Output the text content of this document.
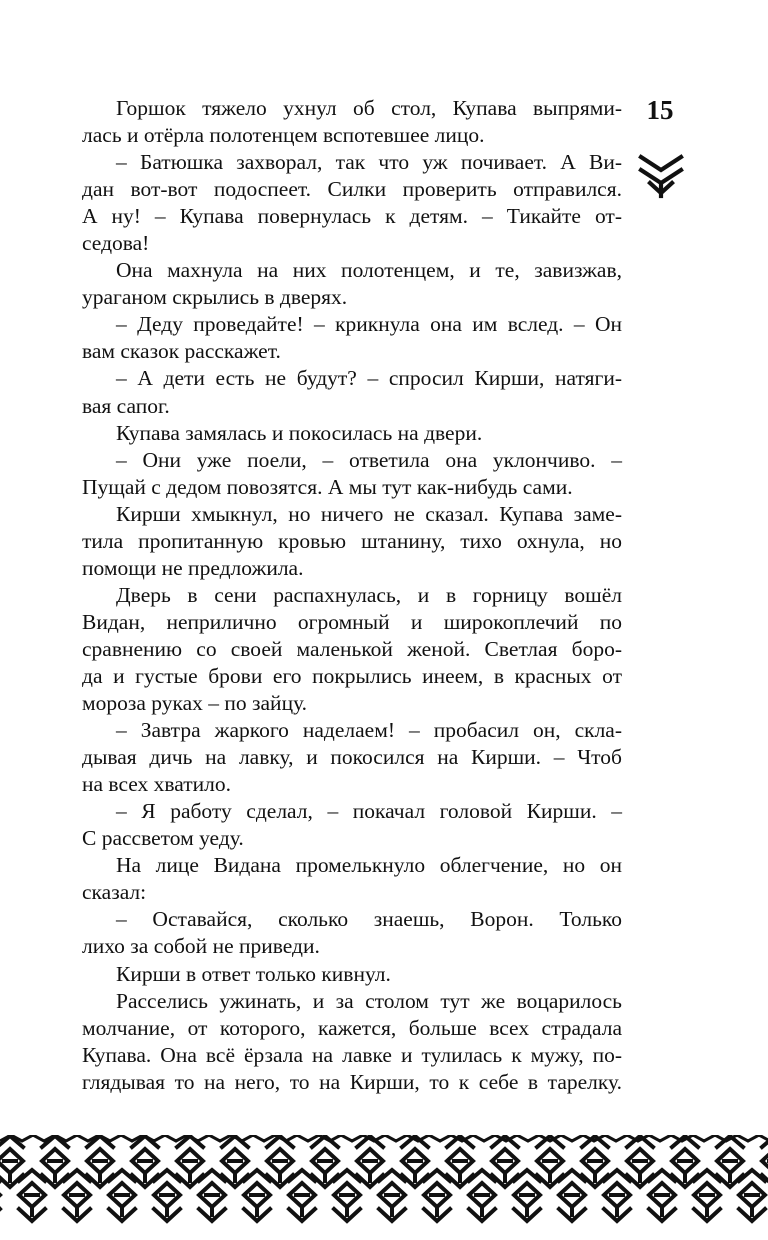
15
Горшок тяжело ухнул об стол, Купава выпрями-
лась и отёрла полотенцем вспотевшее лицо.
– Батюшка захворал, так что уж почивает. А Ви-
дан вот-вот подоспеет. Силки проверить отправился.
А ну! – Купава повернулась к детям. – Тикайте от-
седова!
Она махнула на них полотенцем, и те, завизжав,
ураганом скрылись в дверях.
– Деду проведайте! – крикнула она им вслед. – Он
вам сказок расскажет.
– А дети есть не будут? – спросил Кирши, натяги-
вая сапог.
Купава замялась и покосилась на двери.
– Они уже поели, – ответила она уклончиво. –
Пущай с дедом повозятся. А мы тут как-нибудь сами.
Кирши хмыкнул, но ничего не сказал. Купава заме-
тила пропитанную кровью штанину, тихо охнула, но
помощи не предложила.
Дверь в сени распахнулась, и в горницу вошёл
Видан, неприлично огромный и широкоплечий по
сравнению со своей маленькой женой. Светлая боро-
да и густые брови его покрылись инеем, в красных от
мороза руках – по зайцу.
– Завтра жаркого наделаем! – пробасил он, скла-
дывая дичь на лавку, и покосился на Кирши. – Чтоб
на всех хватило.
– Я работу сделал, – покачал головой Кирши. –
С рассветом уеду.
На лице Видана промелькнуло облегчение, но он
сказал:
– Оставайся, сколько знаешь, Ворон. Только
лихо за собой не приведи.
Кирши в ответ только кивнул.
Расселись ужинать, и за столом тут же воцарилось
молчание, от которого, кажется, больше всех страдала
Купава. Она всё ёрзала на лавке и тулилась к мужу, по-
глядывая то на него, то на Кирши, то к себе в тарелку.
